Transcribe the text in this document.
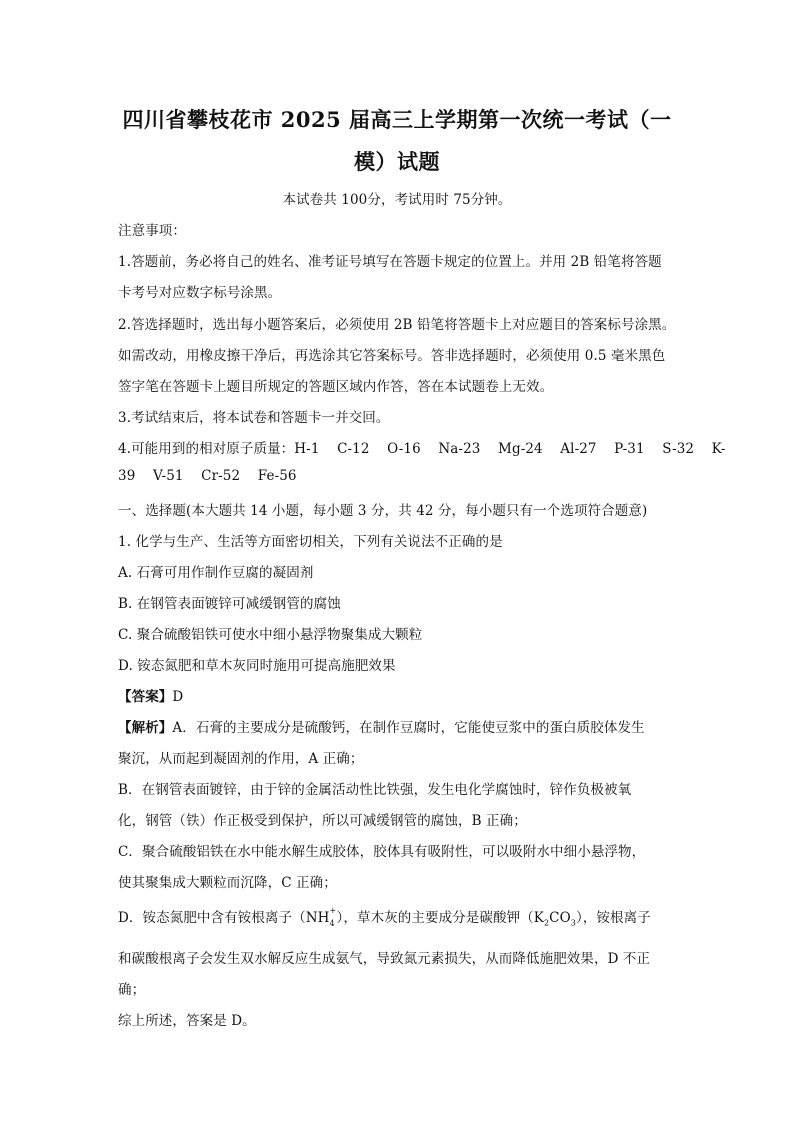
四川省攀枝花市 2025 届高三上学期第一次统一考试（一
模）试题
本试卷共 100分，考试用时 75分钟。
注意事项：
1.答题前，务必将自己的姓名、准考证号填写在答题卡规定的位置上。并用 2B 铅笔将答题
卡考号对应数字标号涂黑。
2.答选择题时，选出每小题答案后，必须使用 2B 铅笔将答题卡上对应题目的答案标号涂黑。
如需改动，用橡皮擦干净后，再选涂其它答案标号。答非选择题时，必须使用 0.5 毫米黑色
签字笔在答题卡上题目所规定的答题区域内作答，答在本试题卷上无效。
3.考试结束后，将本试卷和答题卡一并交回。
4.可能用到的相对原子质量：H-1    C-12    O-16    Na-23    Mg-24    Al-27    P-31    S-32    K-
39    V-51    Cr-52    Fe-56
一、选择题(本大题共 14 小题，每小题 3 分，共 42 分，每小题只有一个选项符合题意)
1. 化学与生产、生活等方面密切相关，下列有关说法不正确的是
A. 石膏可用作制作豆腐的凝固剂
B. 在钢管表面镀锌可减缓钢管的腐蚀
C. 聚合硫酸铝铁可使水中细小悬浮物聚集成大颗粒
D. 铵态氮肥和草木灰同时施用可提高施肥效果
【答案】D
【解析】A．石膏的主要成分是硫酸钙，在制作豆腐时，它能使豆浆中的蛋白质胶体发生
聚沉，从而起到凝固剂的作用，A 正确；
B．在钢管表面镀锌，由于锌的金属活动性比铁强，发生电化学腐蚀时，锌作负极被氧
化，钢管（铁）作正极受到保护，所以可减缓钢管的腐蚀，B 正确；
C．聚合硫酸铝铁在水中能水解生成胶体，胶体具有吸附性，可以吸附水中细小悬浮物，
使其聚集成大颗粒而沉降，C 正确；
D．铵态氮肥中含有铵根离子（NH +
4 ），草木灰的主要成分是碳酸钾$(K_2CO_3)$，铵根离子
和碳酸根离子会发生双水解反应生成氨气，导致氮元素损失，从而降低施肥效果，D 不正
确；
综上所述，答案是 D。
